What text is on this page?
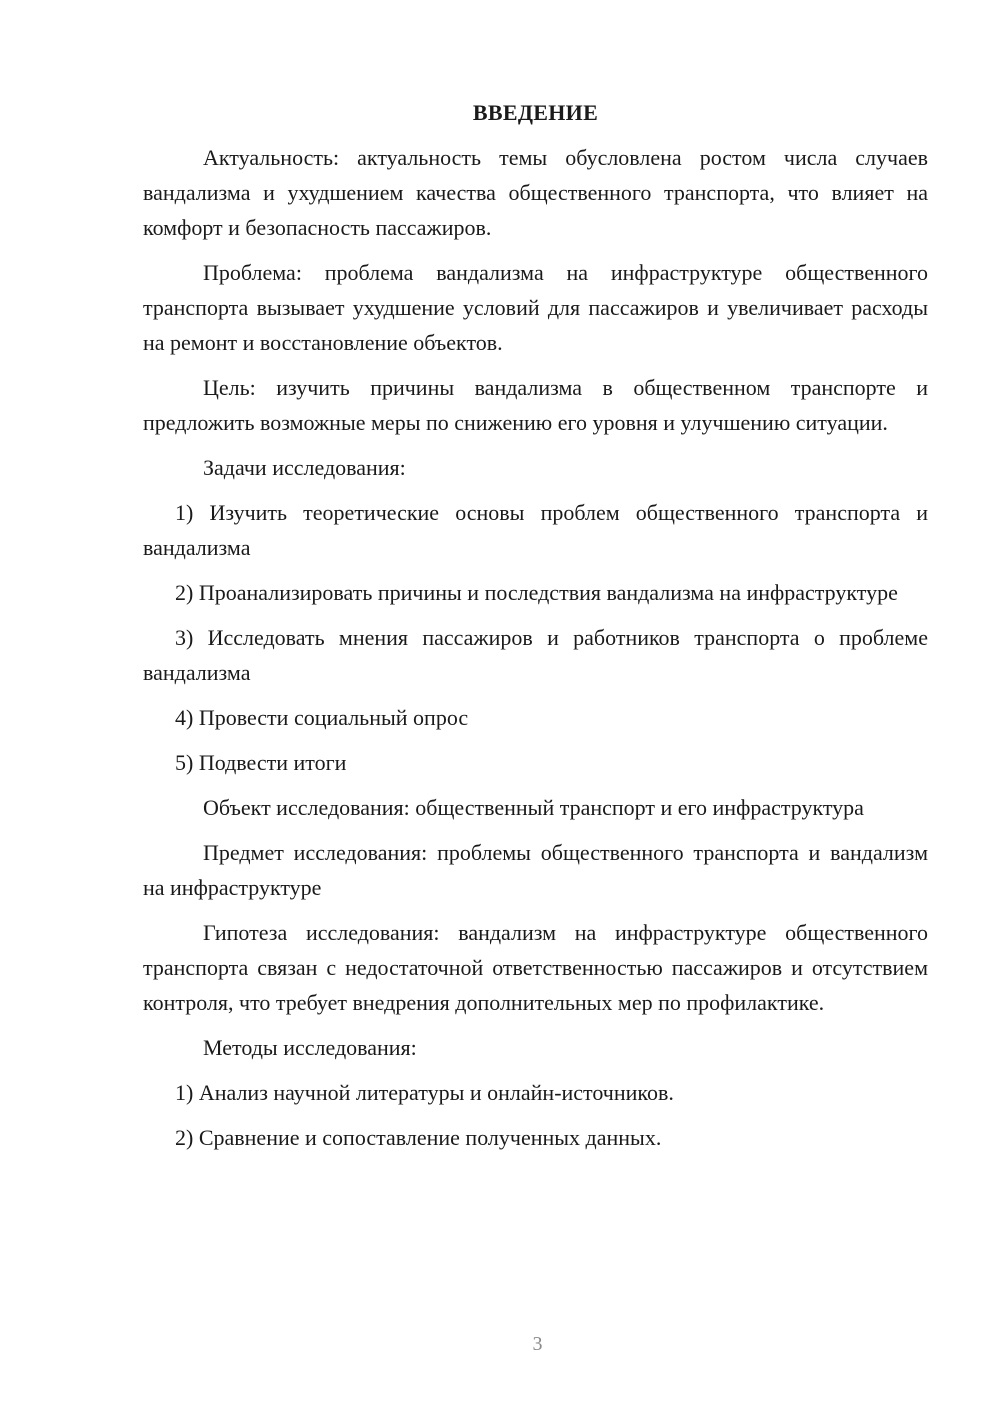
ВВЕДЕНИЕ

Актуальность: актуальность темы обусловлена ростом числа случаев вандализма и ухудшением качества общественного транспорта, что влияет на комфорт и безопасность пассажиров.

Проблема: проблема вандализма на инфраструктуре общественного транспорта вызывает ухудшение условий для пассажиров и увеличивает расходы на ремонт и восстановление объектов.

Цель: изучить причины вандализма в общественном транспорте и предложить возможные меры по снижению его уровня и улучшению ситуации.

Задачи исследования:

1) Изучить теоретические основы проблем общественного транспорта и вандализма

2) Проанализировать причины и последствия вандализма на инфраструктуре

3) Исследовать мнения пассажиров и работников транспорта о проблеме вандализма

4) Провести социальный опрос

5) Подвести итоги

Объект исследования: общественный транспорт и его инфраструктура

Предмет исследования: проблемы общественного транспорта и вандализм на инфраструктуре

Гипотеза исследования: вандализм на инфраструктуре общественного транспорта связан с недостаточной ответственностью пассажиров и отсутствием контроля, что требует внедрения дополнительных мер по профилактике.

Методы исследования:

1) Анализ научной литературы и онлайн-источников.

2) Сравнение и сопоставление полученных данных.

3
